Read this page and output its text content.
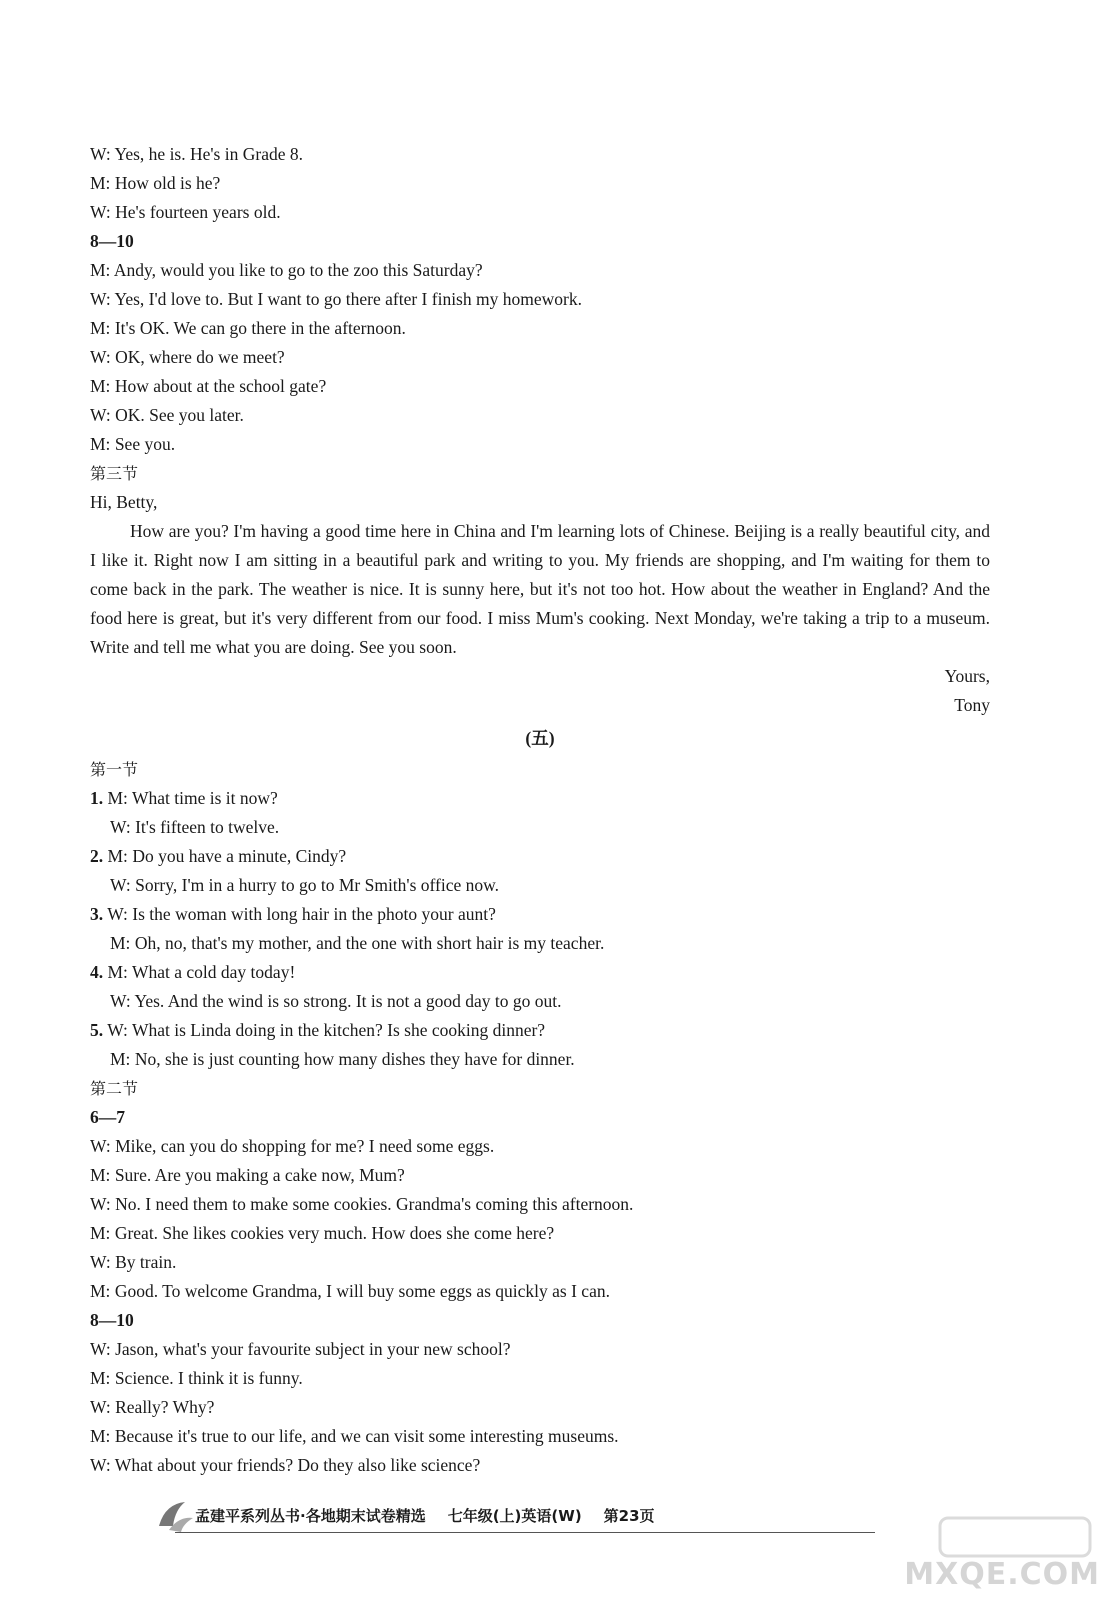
W: Yes, he is. He's in Grade 8.
M: How old is he?
W: He's fourteen years old.
8—10
M: Andy, would you like to go to the zoo this Saturday?
W: Yes, I'd love to. But I want to go there after I finish my homework.
M: It's OK. We can go there in the afternoon.
W: OK, where do we meet?
M: How about at the school gate?
W: OK. See you later.
M: See you.
第三节
Hi, Betty,
How are you? I'm having a good time here in China and I'm learning lots of Chinese. Beijing is a really beautiful city, and I like it. Right now I am sitting in a beautiful park and writing to you. My friends are shopping, and I'm waiting for them to come back in the park. The weather is nice. It is sunny here, but it's not too hot. How about the weather in England? And the food here is great, but it's very different from our food. I miss Mum's cooking. Next Monday, we're taking a trip to a museum. Write and tell me what you are doing. See you soon.
Yours,
Tony
(五)
第一节
1. M: What time is it now?
W: It's fifteen to twelve.
2. M: Do you have a minute, Cindy?
W: Sorry, I'm in a hurry to go to Mr Smith's office now.
3. W: Is the woman with long hair in the photo your aunt?
M: Oh, no, that's my mother, and the one with short hair is my teacher.
4. M: What a cold day today!
W: Yes. And the wind is so strong. It is not a good day to go out.
5. W: What is Linda doing in the kitchen? Is she cooking dinner?
M: No, she is just counting how many dishes they have for dinner.
第二节
6—7
W: Mike, can you do shopping for me? I need some eggs.
M: Sure. Are you making a cake now, Mum?
W: No. I need them to make some cookies. Grandma's coming this afternoon.
M: Great. She likes cookies very much. How does she come here?
W: By train.
M: Good. To welcome Grandma, I will buy some eggs as quickly as I can.
8—10
W: Jason, what's your favourite subject in your new school?
M: Science. I think it is funny.
W: Really? Why?
M: Because it's true to our life, and we can visit some interesting museums.
W: What about your friends? Do they also like science?
孟建平系列丛书·各地期末试卷精选 七年级(上)英语(W) 第23页
MXQE.COM
